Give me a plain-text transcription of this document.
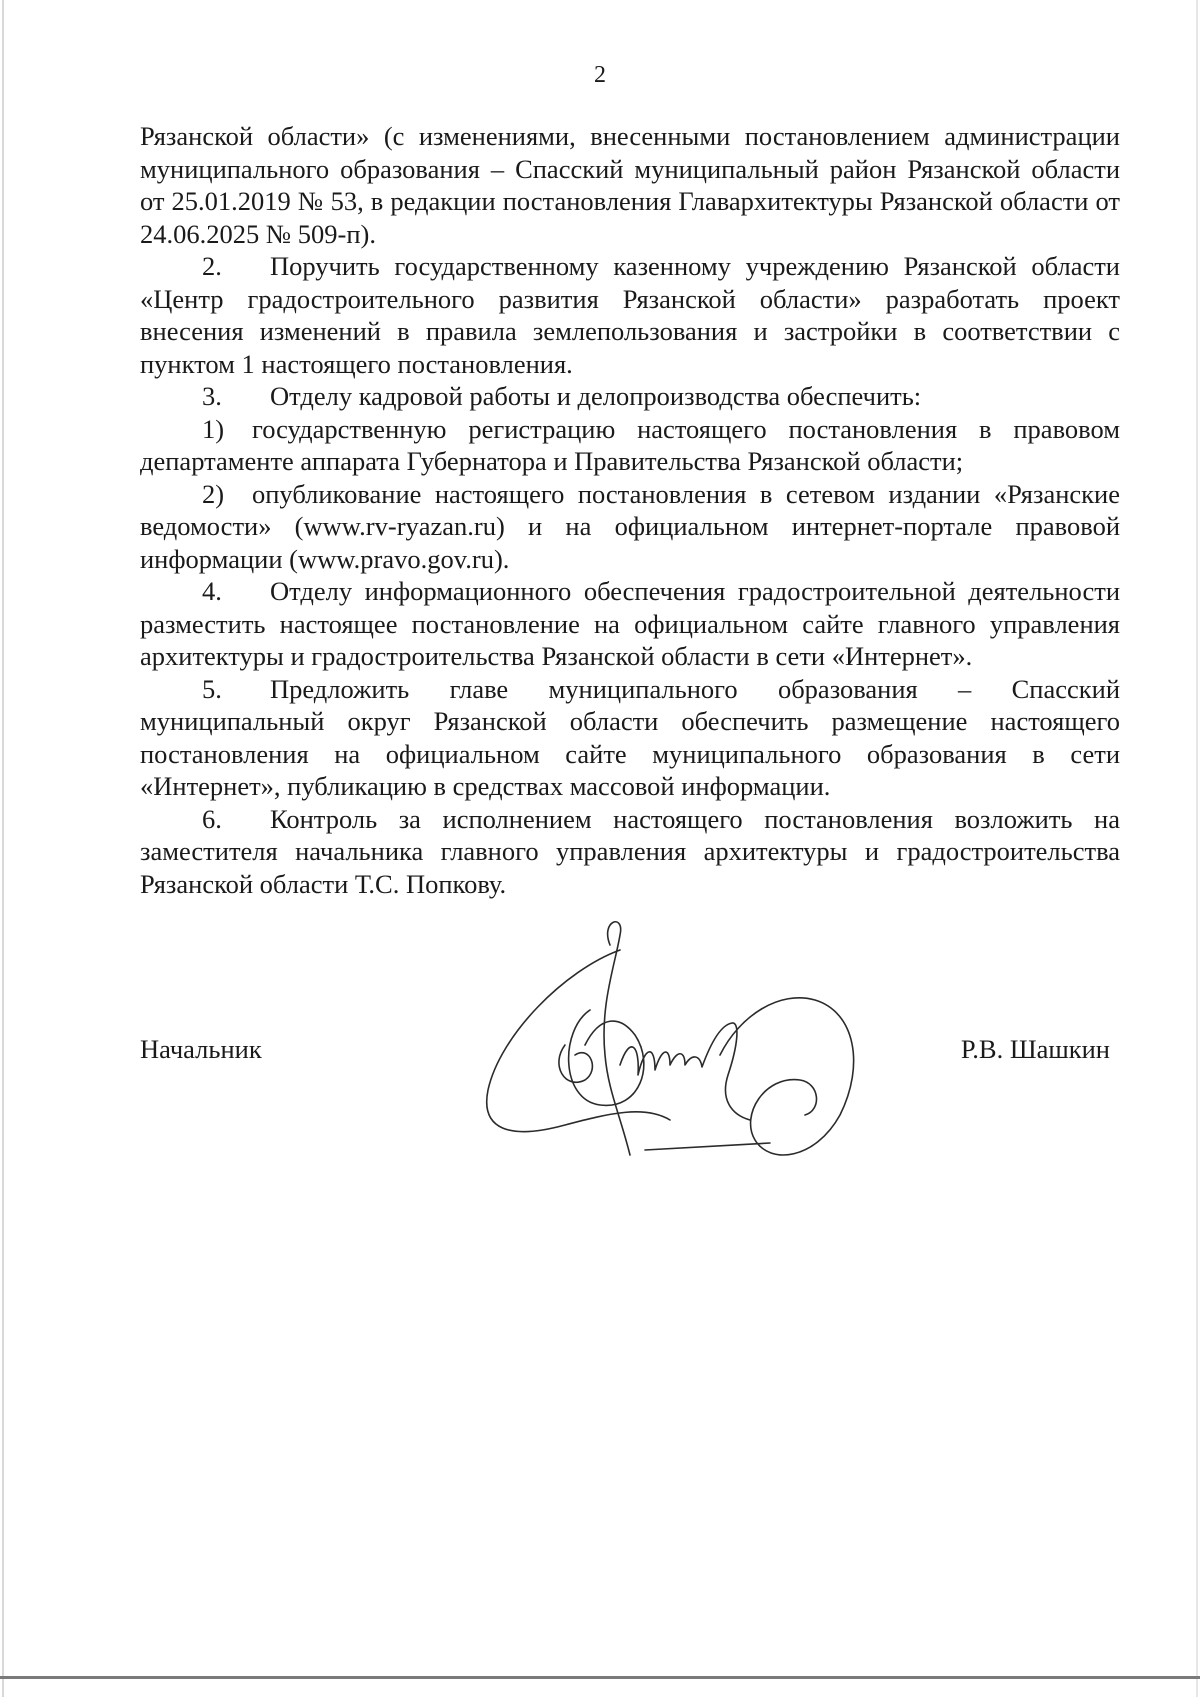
2

Рязанской области» (с изменениями, внесенными постановлением администрации муниципального образования – Спасский муниципальный район Рязанской области от 25.01.2019 № 53, в редакции постановления Главархитектуры Рязанской области от 24.06.2025 № 509-п).

2. Поручить государственному казенному учреждению Рязанской области «Центр градостроительного развития Рязанской области» разработать проект внесения изменений в правила землепользования и застройки в соответствии с пунктом 1 настоящего постановления.

3. Отделу кадровой работы и делопроизводства обеспечить:

1) государственную регистрацию настоящего постановления в правовом департаменте аппарата Губернатора и Правительства Рязанской области;

2) опубликование настоящего постановления в сетевом издании «Рязанские ведомости» (www.rv-ryazan.ru) и на официальном интернет-портале правовой информации (www.pravo.gov.ru).

4. Отделу информационного обеспечения градостроительной деятельности разместить настоящее постановление на официальном сайте главного управления архитектуры и градостроительства Рязанской области в сети «Интернет».

5. Предложить главе муниципального образования – Спасский муниципальный округ Рязанской области обеспечить размещение настоящего постановления на официальном сайте муниципального образования в сети «Интернет», публикацию в средствах массовой информации.

6. Контроль за исполнением настоящего постановления возложить на заместителя начальника главного управления архитектуры и градостроительства Рязанской области Т.С. Попкову.

Начальник	Р.В. Шашкин
